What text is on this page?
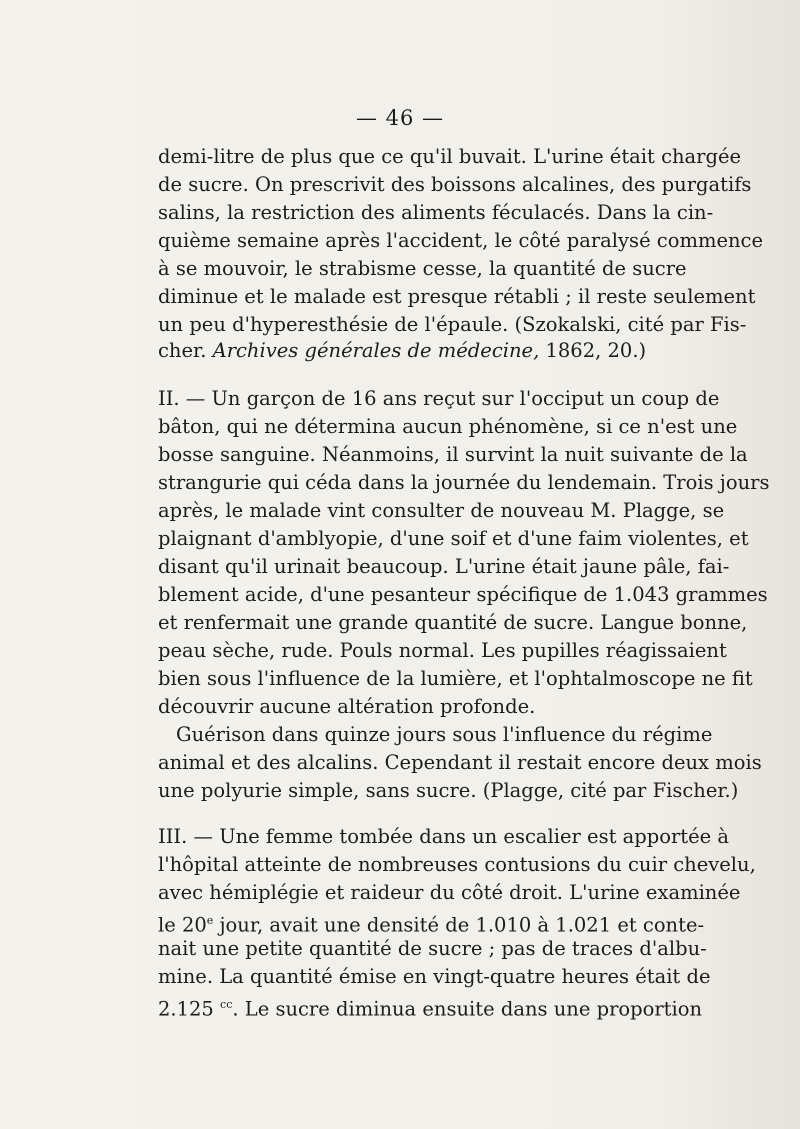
— 46 —
demi-litre de plus que ce qu'il buvait. L'urine était chargée
de sucre. On prescrivit des boissons alcalines, des purgatifs
salins, la restriction des aliments féculacés. Dans la cin-
quième semaine après l'accident, le côté paralysé commence
à se mouvoir, le strabisme cesse, la quantité de sucre
diminue et le malade est presque rétabli ; il reste seulement
un peu d'hyperesthésie de l'épaule. (Szokalski, cité par Fis-
cher. Archives générales de médecine, 1862, 20.)
II. — Un garçon de 16 ans reçut sur l'occiput un coup de
bâton, qui ne détermina aucun phénomène, si ce n'est une
bosse sanguine. Néanmoins, il survint la nuit suivante de la
strangurie qui céda dans la journée du lendemain. Trois jours
après, le malade vint consulter de nouveau M. Plagge, se
plaignant d'amblyopie, d'une soif et d'une faim violentes, et
disant qu'il urinait beaucoup. L'urine était jaune pâle, fai-
blement acide, d'une pesanteur spécifique de 1.043 grammes
et renfermait une grande quantité de sucre. Langue bonne,
peau sèche, rude. Pouls normal. Les pupilles réagissaient
bien sous l'influence de la lumière, et l'ophtalmoscope ne fit
découvrir aucune altération profonde.
Guérison dans quinze jours sous l'influence du régime
animal et des alcalins. Cependant il restait encore deux mois
une polyurie simple, sans sucre. (Plagge, cité par Fischer.)
III. — Une femme tombée dans un escalier est apportée à
l'hôpital atteinte de nombreuses contusions du cuir chevelu,
avec hémiplégie et raideur du côté droit. L'urine examinée
le 20e jour, avait une densité de 1.010 à 1.021 et conte-
nait une petite quantité de sucre ; pas de traces d'albu-
mine. La quantité émise en vingt-quatre heures était de
2.125 $^{cc}$. Le sucre diminua ensuite dans une proportion
